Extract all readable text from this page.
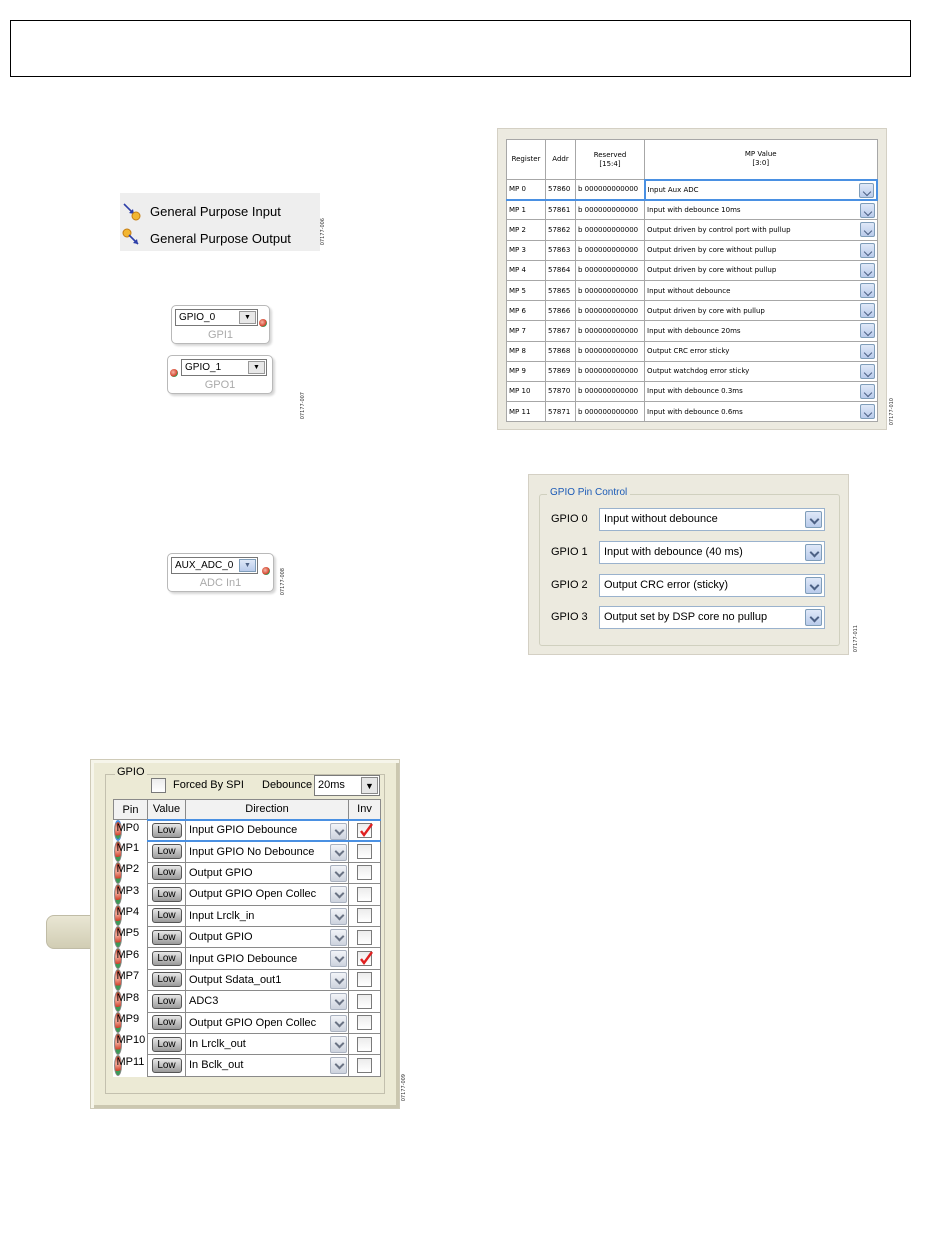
General Purpose Input
General Purpose Output	07177-006
GPIO_0	▼
GPI1
GPIO_1	▼
GPO1
07177-007
AUX_ADC_0	▼
ADC In1	07177-008
Register	Addr	Reserved
[15:4]	MP Value
[3:0]
MP 0	57860	b 000000000000	Input Aux ADC

MP 1	57861	b 000000000000	Input with debounce 10ms

MP 2	57862	b 000000000000	Output driven by control port with pullup

MP 3	57863	b 000000000000	Output driven by core without pullup

MP 4	57864	b 000000000000	Output driven by core without pullup

MP 5	57865	b 000000000000	Input without debounce

MP 6	57866	b 000000000000	Output driven by core with pullup

MP 7	57867	b 000000000000	Input with debounce 20ms

MP 8	57868	b 000000000000	Output CRC error sticky

MP 9	57869	b 000000000000	Output watchdog error sticky

MP 10	57870	b 000000000000	Input with debounce 0.3ms

MP 11	57871	b 000000000000	Input with debounce 0.6ms	07177-010
GPIO Pin Control
GPIO 0	Input without debounce
GPIO 1	Input with debounce (40 ms)
GPIO 2	Output CRC error (sticky)
GPIO 3	Output set by DSP core no pullup
07177-011
GPIO
Forced By SPI Debounce 20ms	▼
Pin	Value	Direction	Inv

MP0 Low	Input GPIO Debounce

MP1 Low	Input GPIO No Debounce

MP2 Low	Output GPIO

MP3 Low	Output GPIO Open Collec

MP4 Low	Input Lrclk_in

MP5 Low	Output GPIO

MP6 Low	Input GPIO Debounce

MP7 Low	Output Sdata_out1

MP8 Low	ADC3

MP9 Low	Output GPIO Open Collec

MP10 Low	In Lrclk_out

MP11 Low	In Bclk_out

07177-009
